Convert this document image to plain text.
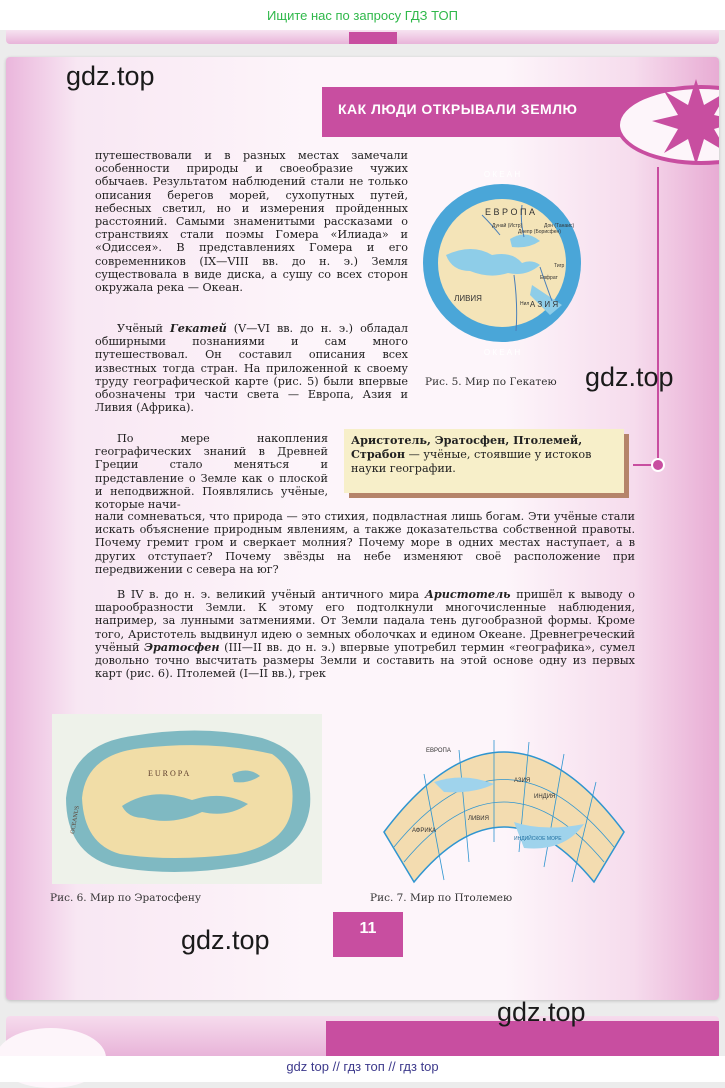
Ищите нас по запросу ГДЗ ТОП
КАК ЛЮДИ ОТКРЫВАЛИ ЗЕМЛЮ
gdz.top
gdz.top
gdz.top

путешествовали и в разных местах замечали особенности природы и своеобразие чужих обычаев. Результатом наблюдений стали не только описания берегов морей, сухопутных путей, небесных светил, но и измерения пройденных расстояний. Самыми знаменитыми рассказами о странствиях стали поэмы Гомера «Илиада» и «Одиссея». В представлениях Гомера и его современников (IX—VIII вв. до н. э.) Земля существовала в виде диска, а сушу со всех сторон окружала река — Океан.

Учёный Гекатей (V—VI вв. до н. э.) обладал обширными познаниями и сам много путешествовал. Он составил описания всех известных тогда стран. На приложенной к своему труду географической карте (рис. 5) были впервые обозначены три части света — Европа, Азия и Ливия (Африка).

По мере накопления географических знаний в Древней Греции стало меняться и представление о Земле как о плоской и неподвижной. Появлялись учёные, которые начи-

нали сомневаться, что природа — это стихия, подвластная лишь богам. Эти учёные стали искать объяснение природным явлениям, а также доказательства собственной правоты. Почему гремит гром и сверкает молния? Почему море в одних местах наступает, а в других отступает? Почему звёзды на небе изменяют своё расположение при передвижении с севера на юг?

В IV в. до н. э. великий учёный античного мира Аристотель пришёл к выводу о шарообразности Земли. К этому его подтолкнули многочисленные наблюдения, например, за лунными затмениями. От Земли падала тень дугообразной формы. Кроме того, Аристотель выдвинул идею о земных оболочках и едином Океане. Древнегреческий учёный Эратосфен (III—II вв. до н. э.) впервые употребил термин «географика», сумел довольно точно высчитать размеры Земли и составить на этой основе одну из первых карт (рис. 6). Птолемей (I—II вв.), грек

Аристотель, Эратосфен, Птолемей, Страбон — учёные, стоявшие у истоков науки географии.
О К Е А Н
О К Е А Н
Е В Р О П А
А З И Я
ЛИВИЯ
Дунай (Истр)
Днепр (Борисфен)
Дон (Танаис)
Тигр
Евфрат
Нил
Рис. 5. Мир по Гекатею
EUROPA
OCEANUS
Рис. 6. Мир по Эратосфену
ЕВРОПА
АЗИЯ
ИНДИЯ
ЛИВИЯ
АФРИКА
ИНДИЙСКОЕ МОРЕ
Рис. 7. Мир по Птолемею
11
gdz.top
gdz top // гдз топ // гдз top
